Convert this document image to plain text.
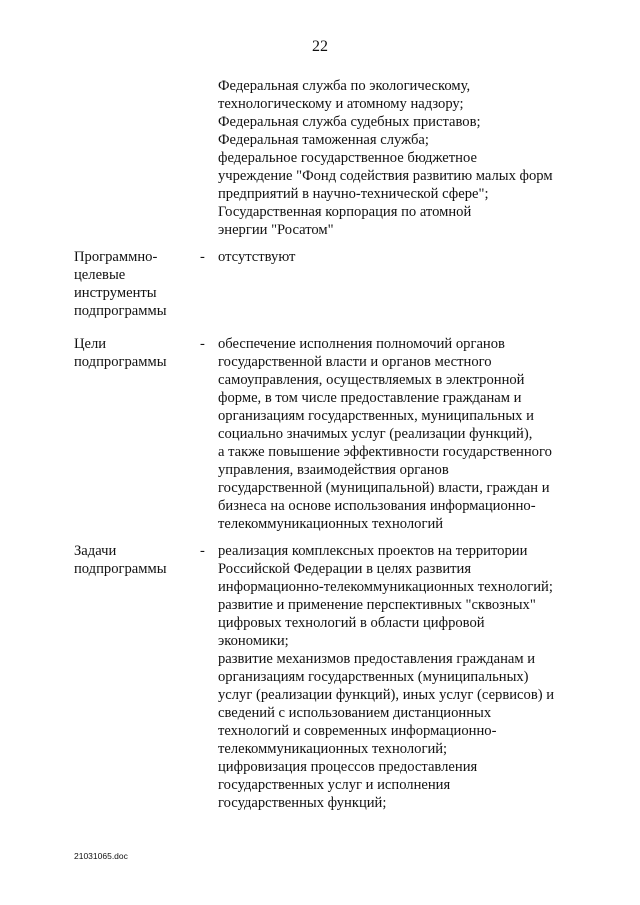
22
Федеральная служба по экологическому,
технологическому и атомному надзору;
Федеральная служба судебных приставов;
Федеральная таможенная служба;
федеральное государственное бюджетное
учреждение "Фонд содействия развитию малых форм
предприятий в научно-технической сфере";
Государственная корпорация по атомной
энергии "Росатом"
Программно-
целевые
инструменты
подпрограммы
- отсутствуют
Цели
подпрограммы
- обеспечение исполнения полномочий органов
государственной власти и органов местного
самоуправления, осуществляемых в электронной
форме, в том числе предоставление гражданам и
организациям государственных, муниципальных и
социально значимых услуг (реализации функций),
а также повышение эффективности государственного
управления, взаимодействия органов
государственной (муниципальной) власти, граждан и
бизнеса на основе использования информационно-
телекоммуникационных технологий
Задачи
подпрограммы
- реализация комплексных проектов на территории
Российской Федерации в целях развития
информационно-телекоммуникационных технологий;
развитие и применение перспективных "сквозных"
цифровых технологий в области цифровой
экономики;
развитие механизмов предоставления гражданам и
организациям государственных (муниципальных)
услуг (реализации функций), иных услуг (сервисов) и
сведений с использованием дистанционных
технологий и современных информационно-
телекоммуникационных технологий;
цифровизация процессов предоставления
государственных услуг и исполнения
государственных функций;
21031065.doc
